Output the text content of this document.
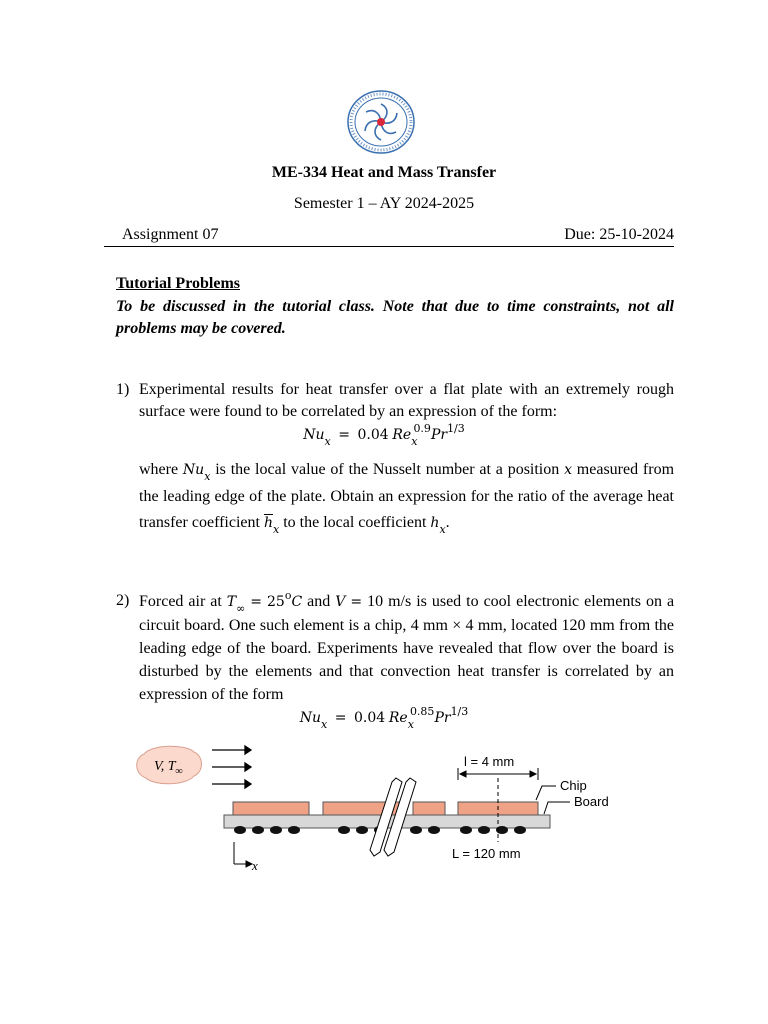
ME-334 Heat and Mass Transfer
Semester 1 – AY 2024-2025
Assignment 07	Due: 25-10-2024
Tutorial Problems
To be discussed in the tutorial class. Note that due to time constraints, not all problems may be covered.
1) Experimental results for heat transfer over a flat plate with an extremely rough surface were found to be correlated by an expression of the form:
$Nu_x = 0.04$ $Re_x^{0.9}Pr^{1/3}$
where $Nu_x$ is the local value of the Nusselt number at a position x measured from the leading edge of the plate. Obtain an expression for the ratio of the average heat transfer coefficient $\overline{h}_x$ to the local coefficient $h_x$.
2) Forced air at $T_\infty = 25^oC$ and V = 10 m/s is used to cool electronic elements on a circuit board. One such element is a chip, 4 mm × 4 mm, located 120 mm from the leading edge of the board. Experiments have revealed that flow over the board is disturbed by the elements and that convection heat transfer is correlated by an expression of the form
$Nu_x = 0.04$ $Re_x^{0.85}Pr^{1/3}$
V, $T_\infty$
l = 4 mm
L = 120 mm
x
Chip
Board
